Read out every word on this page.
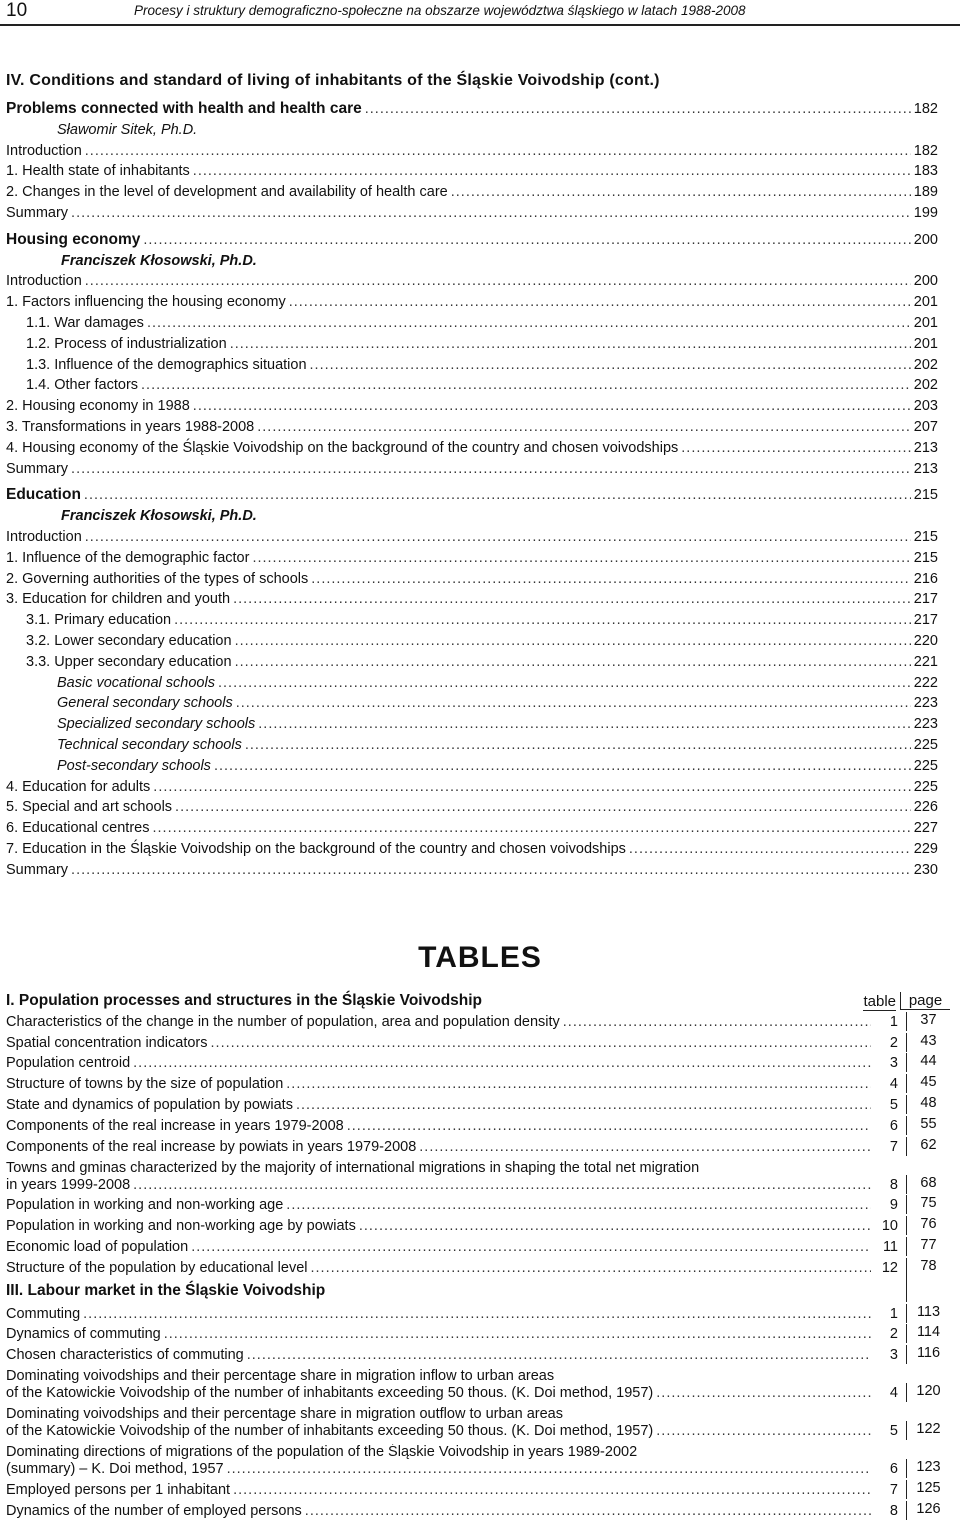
10	Procesy i struktury demograficzno-społeczne na obszarze województwa śląskiego w latach 1988-2008
IV. Conditions and standard of living of inhabitants of the Śląskie Voivodship (cont.)
Problems connected with health and health care .....	182
Sławomir Sitek, Ph.D.
Introduction .....	182
1. Health state of inhabitants .....	183
2. Changes in the level of development and availability of health care .....	189
Summary .....	199
Housing economy .....	200
Franciszek Kłosowski, Ph.D.
Introduction .....	200
1. Factors influencing the housing economy .....	201
1.1. War damages .....	201
1.2. Process of industrialization .....	201
1.3. Influence of the demographics situation .....	202
1.4. Other factors .....	202
2. Housing economy in 1988 .....	203
3. Transformations in years 1988-2008 .....	207
4. Housing economy of the Śląskie Voivodship on the background of the country and chosen voivodships .....	213
Summary .....	213
Education .....	215
Franciszek Kłosowski, Ph.D.
Introduction .....	215
1. Influence of the demographic factor .....	215
2. Governing authorities of the types of schools .....	216
3. Education for children and youth .....	217
3.1. Primary education .....	217
3.2. Lower secondary education .....	220
3.3. Upper secondary education .....	221
Basic vocational schools .....	222
General secondary schools .....	223
Specialized secondary schools .....	223
Technical secondary schools .....	225
Post-secondary schools .....	225
4. Education for adults .....	225
5. Special and art schools .....	226
6. Educational centres .....	227
7. Education in the Śląskie Voivodship on the background of the country and chosen voivodships .....	229
Summary .....	230
TABLES
I. Population processes and structures in the Śląskie Voivodship	table page
Characteristics of the change in the number of population, area and population density .....	1	37
Spatial concentration indicators .....	2	43
Population centroid .....	3	44
Structure of towns by the size of population .....	4	45
State and dynamics of population by powiats .....	5	48
Components of the real increase in years 1979-2008 .....	6	55
Components of the real increase by powiats in years 1979-2008 .....	7	62
Towns and gminas characterized by the majority of international migrations in shaping the total net migration
in years 1999-2008 .....	8	68
Population in working and non-working age .....	9	75
Population in working and non-working age by powiats .....	10	76
Economic load of population .....	11	77
Structure of the population by educational level .....	12	78
III. Labour market in the Śląskie Voivodship
Commuting .....	1	113
Dynamics of commuting .....	2	114
Chosen characteristics of commuting .....	3	116
Dominating voivodships and their percentage share in migration inflow to urban areas
of the Katowickie Voivodship of the number of inhabitants exceeding 50 thous. (K. Doi method, 1957) .....	4	120
Dominating voivodships and their percentage share in migration outflow to urban areas
of the Katowickie Voivodship of the number of inhabitants exceeding 50 thous. (K. Doi method, 1957) .....	5	122
Dominating directions of migrations of the population of the Śląskie Voivodship in years 1989-2002
(summary) – K. Doi method, 1957 .....	6	123
Employed persons per 1 inhabitant .....	7	125
Dynamics of the number of employed persons .....	8	126
